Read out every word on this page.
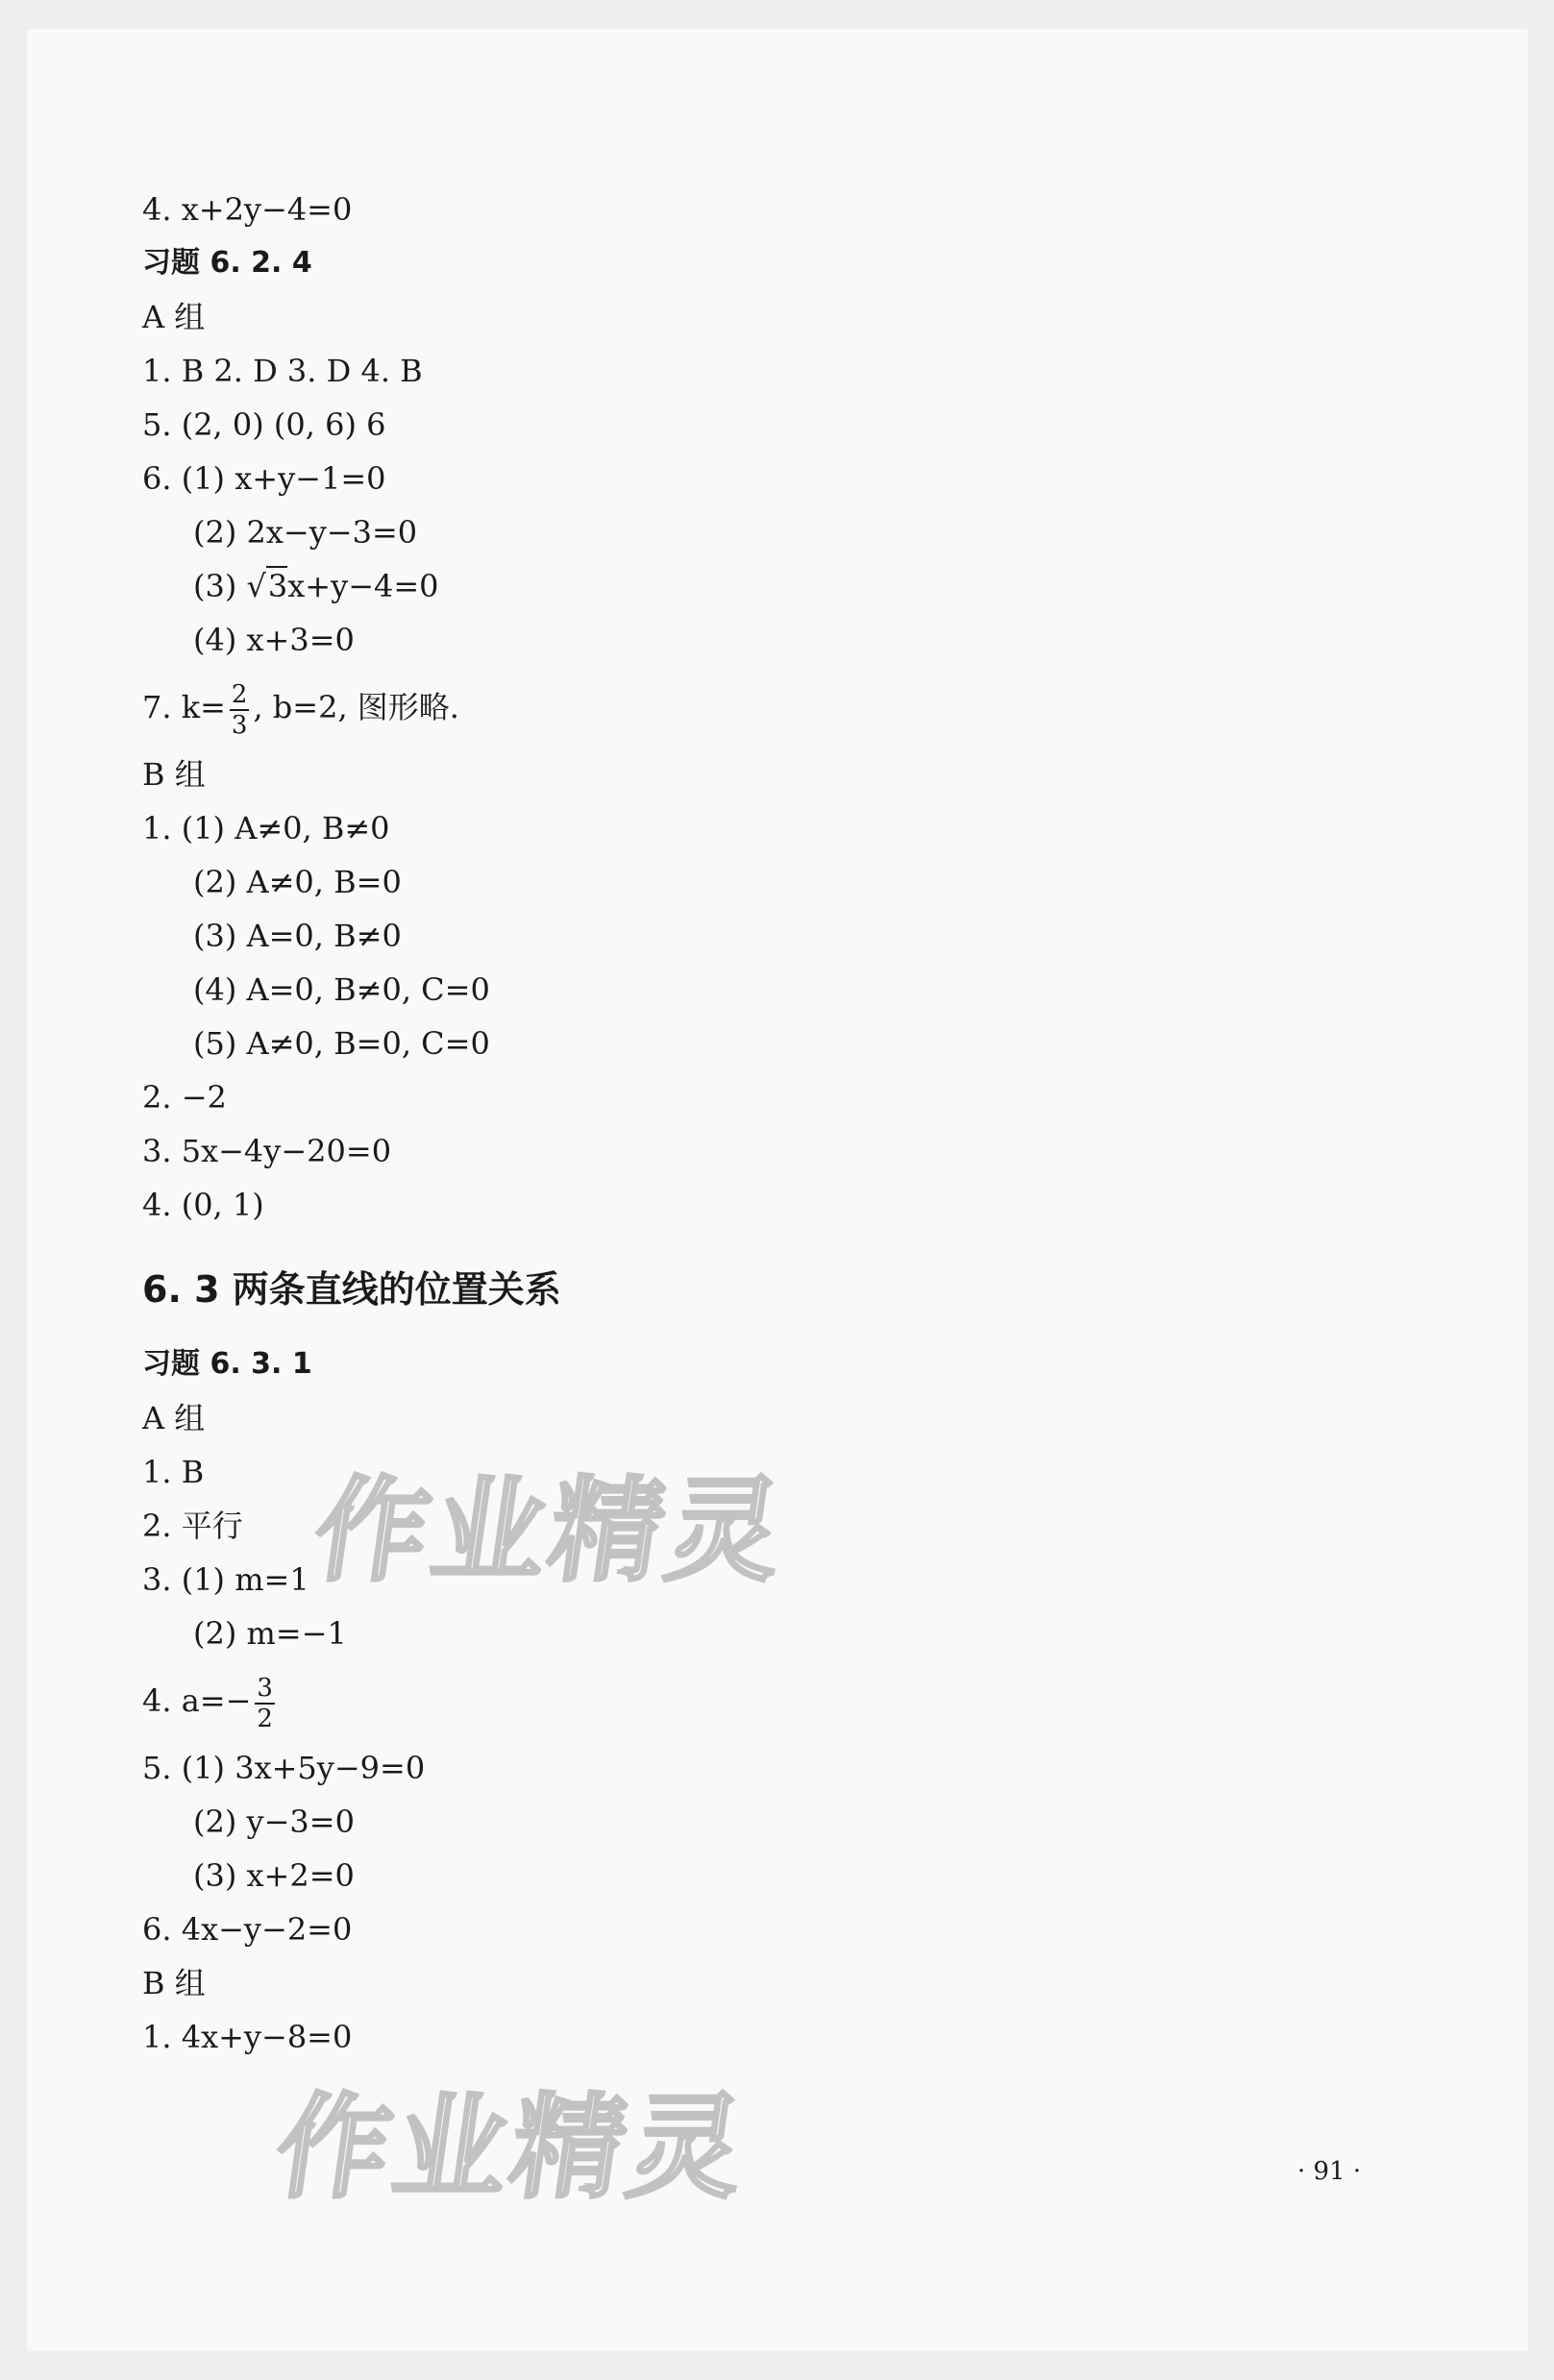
4. x+2y−4=0
习题 6. 2. 4
A 组
1. B 2. D 3. D 4. B
5. (2, 0) (0, 6) 6
6. (1) x+y−1=0
(2) 2x−y−3=0
(3) √3x+y−4=0
(4) x+3=0
7. $k= \frac{2}{3}$ , b=2, 图形略.
B 组
1. (1) A≠0, B≠0
(2) A≠0, B=0
(3) A=0, B≠0
(4) A=0, B≠0, C=0
(5) A≠0, B=0, C=0
2. −2
3. 5x−4y−20=0
4. (0, 1)
6. 3 两条直线的位置关系
习题 6. 3. 1
A 组
1. B
2. 平行
3. (1) m=1
(2) m=−1
4. $a=- \frac{3}{2}$
5. (1) 3x+5y−9=0
(2) y−3=0
(3) x+2=0
6. 4x−y−2=0
B 组
1. 4x+y−8=0
作业精灵
作业精灵	· 91 ·
